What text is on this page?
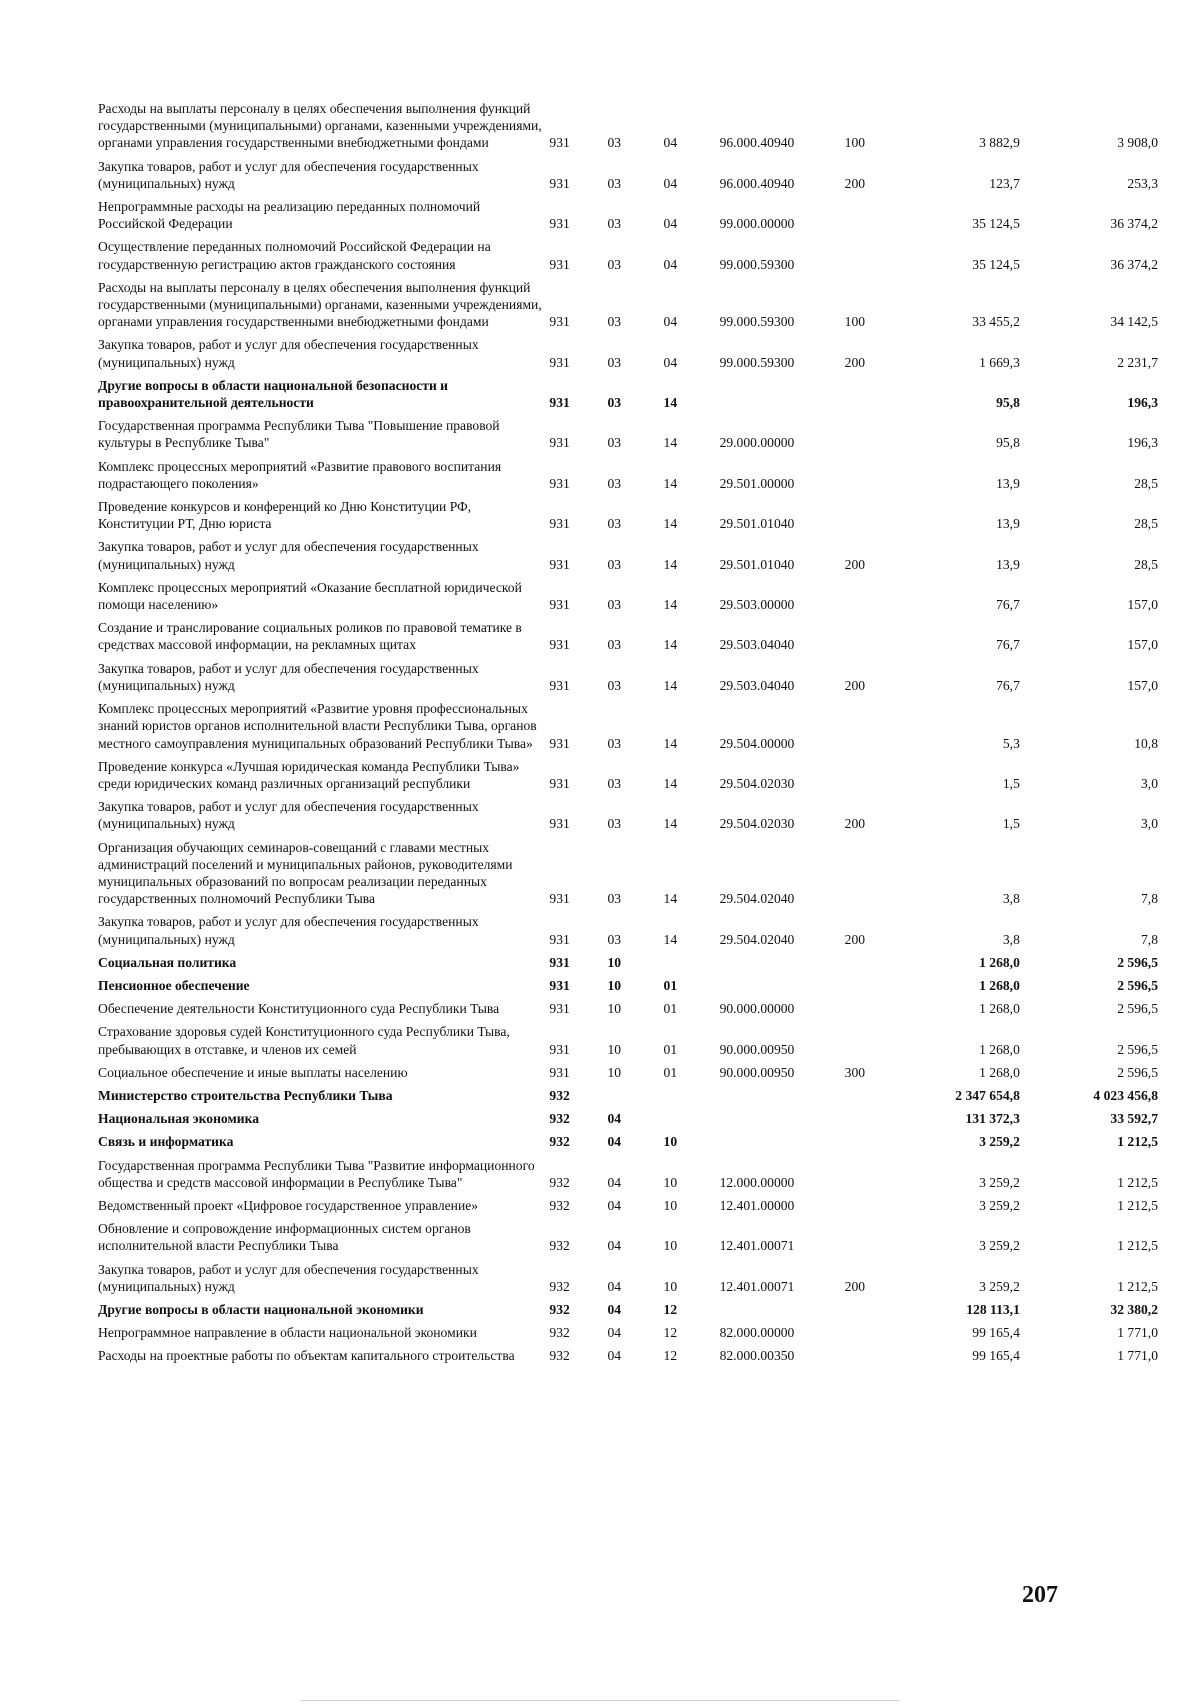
Расходы на выплаты персоналу в целях обеспечения выполнения функций государственными (муниципальными) органами, казенными учреждениями, органами управления государственными внебюджетными фондами	931	03	04	96.000.40940	100	3 882,9	3 908,0
Закупка товаров, работ и услуг для обеспечения государственных (муниципальных) нужд	931	03	04	96.000.40940	200	123,7	253,3
Непрограммные расходы на реализацию переданных полномочий Российской Федерации	931	03	04	99.000.00000		35 124,5	36 374,2
Осуществление переданных полномочий Российской Федерации на государственную регистрацию актов гражданского состояния	931	03	04	99.000.59300		35 124,5	36 374,2
Расходы на выплаты персоналу в целях обеспечения выполнения функций государственными (муниципальными) органами, казенными учреждениями, органами управления государственными внебюджетными фондами	931	03	04	99.000.59300	100	33 455,2	34 142,5
Закупка товаров, работ и услуг для обеспечения государственных (муниципальных) нужд	931	03	04	99.000.59300	200	1 669,3	2 231,7
Другие вопросы в области национальной безопасности и правоохранительной деятельности	931	03	14			95,8	196,3
Государственная программа Республики Тыва "Повышение правовой культуры в Республике Тыва"	931	03	14	29.000.00000		95,8	196,3
Комплекс процессных мероприятий «Развитие правового воспитания подрастающего поколения»	931	03	14	29.501.00000		13,9	28,5
Проведение конкурсов и конференций ко Дню Конституции РФ, Конституции РТ, Дню юриста	931	03	14	29.501.01040		13,9	28,5
Закупка товаров, работ и услуг для обеспечения государственных (муниципальных) нужд	931	03	14	29.501.01040	200	13,9	28,5
Комплекс процессных мероприятий «Оказание бесплатной юридической помощи населению»	931	03	14	29.503.00000		76,7	157,0
Создание и транслирование социальных роликов по правовой тематике в средствах массовой информации, на рекламных щитах	931	03	14	29.503.04040		76,7	157,0
Закупка товаров, работ и услуг для обеспечения государственных (муниципальных) нужд	931	03	14	29.503.04040	200	76,7	157,0
Комплекс процессных мероприятий «Развитие уровня профессиональных знаний юристов органов исполнительной власти Республики Тыва, органов местного самоуправления муниципальных образований Республики Тыва»	931	03	14	29.504.00000		5,3	10,8
Проведение конкурса «Лучшая юридическая команда Республики Тыва» среди юридических команд различных организаций республики	931	03	14	29.504.02030		1,5	3,0
Закупка товаров, работ и услуг для обеспечения государственных (муниципальных) нужд	931	03	14	29.504.02030	200	1,5	3,0
Организация обучающих семинаров-совещаний с главами местных администраций поселений и муниципальных районов, руководителями муниципальных образований по вопросам реализации переданных государственных полномочий Республики Тыва	931	03	14	29.504.02040		3,8	7,8
Закупка товаров, работ и услуг для обеспечения государственных (муниципальных) нужд	931	03	14	29.504.02040	200	3,8	7,8
Социальная политика	931	10				1 268,0	2 596,5
Пенсионное обеспечение	931	10	01			1 268,0	2 596,5
Обеспечение деятельности Конституционного суда Республики Тыва	931	10	01	90.000.00000		1 268,0	2 596,5
Страхование здоровья судей Конституционного суда Республики Тыва, пребывающих в отставке, и членов их семей	931	10	01	90.000.00950		1 268,0	2 596,5
Социальное обеспечение и иные выплаты населению	931	10	01	90.000.00950	300	1 268,0	2 596,5
Министерство строительства Республики Тыва	932					2 347 654,8	4 023 456,8
Национальная экономика	932	04				131 372,3	33 592,7
Связь и информатика	932	04	10			3 259,2	1 212,5
Государственная программа Республики Тыва "Развитие информационного общества и средств массовой информации в Республике Тыва"	932	04	10	12.000.00000		3 259,2	1 212,5
Ведомственный проект «Цифровое государственное управление»	932	04	10	12.401.00000		3 259,2	1 212,5
Обновление и сопровождение информационных систем органов исполнительной власти Республики Тыва	932	04	10	12.401.00071		3 259,2	1 212,5
Закупка товаров, работ и услуг для обеспечения государственных (муниципальных) нужд	932	04	10	12.401.00071	200	3 259,2	1 212,5
Другие вопросы в области национальной экономики	932	04	12			128 113,1	32 380,2
Непрограммное направление в области национальной экономики	932	04	12	82.000.00000		99 165,4	1 771,0
Расходы на проектные работы по объектам капитального строительства	932	04	12	82.000.00350		99 165,4	1 771,0
207
